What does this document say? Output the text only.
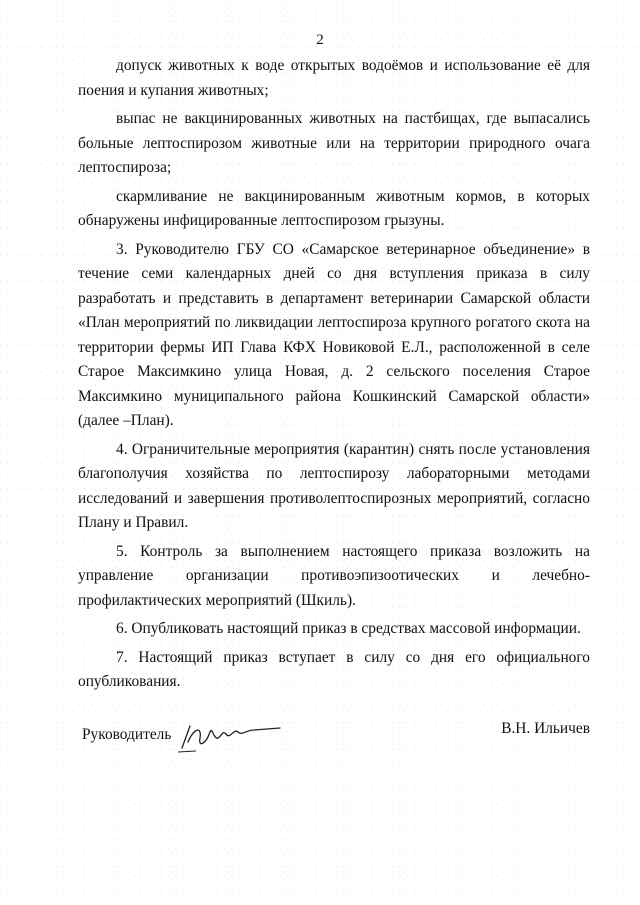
2

допуск животных к воде открытых водоёмов и использование её для поения и купания животных;

выпас не вакцинированных животных на пастбищах, где выпасались больные лептоспирозом животные или на территории природного очага лептоспироза;

скармливание не вакцинированным животным кормов, в которых обнаружены инфицированные лептоспирозом грызуны.

3. Руководителю ГБУ СО «Самарское ветеринарное объединение» в течение семи календарных дней со дня вступления приказа в силу разработать и представить в департамент ветеринарии Самарской области «План мероприятий по ликвидации лептоспироза крупного рогатого скота на территории фермы ИП Глава КФХ Новиковой Е.Л., расположенной в селе Старое Максимкино улица Новая, д. 2 сельского поселения Старое Максимкино муниципального района Кошкинский Самарской области» (далее –План).

4. Ограничительные мероприятия (карантин) снять после установления благополучия хозяйства по лептоспирозу лабораторными методами исследований и завершения противолептоспирозных мероприятий, согласно Плану и Правил.

5. Контроль за выполнением настоящего приказа возложить на управление организации противоэпизоотических и лечебно-профилактических мероприятий (Шкиль).

6. Опубликовать настоящий приказ в средствах массовой информации.

7. Настоящий приказ вступает в силу со дня его официального опубликования.

Руководитель	В.Н. Ильичев
